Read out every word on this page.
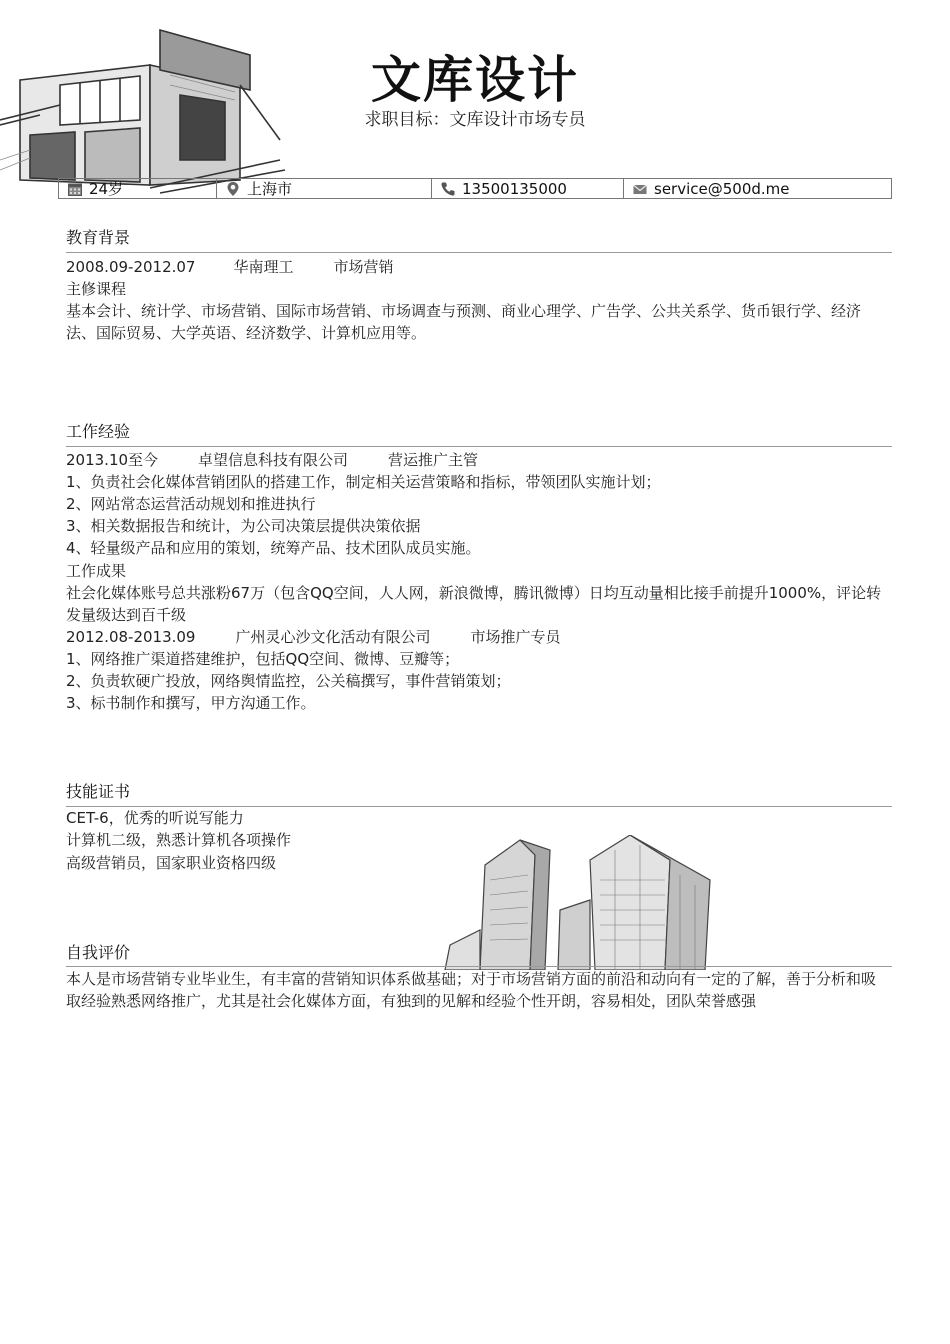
文库设计
求职目标：文库设计市场专员
24岁	上海市	13500135000	service@500d.me
教育背景
2008.09-2012.07	华南理工	市场营销
主修课程
基本会计、统计学、市场营销、国际市场营销、市场调查与预测、商业心理学、广告学、公共关系学、货币银行学、经济法、国际贸易、大学英语、经济数学、计算机应用等。
工作经验
2013.10至今	卓望信息科技有限公司	营运推广主管
1、负责社会化媒体营销团队的搭建工作，制定相关运营策略和指标，带领团队实施计划；
2、网站常态运营活动规划和推进执行
3、相关数据报告和统计，为公司决策层提供决策依据
4、轻量级产品和应用的策划，统筹产品、技术团队成员实施。
工作成果
社会化媒体账号总共涨粉67万（包含QQ空间，人人网，新浪微博，腾讯微博）日均互动量相比接手前提升1000%，评论转发量级达到百千级
2012.08-2013.09	广州灵心沙文化活动有限公司	市场推广专员
1、网络推广渠道搭建维护，包括QQ空间、微博、豆瓣等；
2、负责软硬广投放，网络舆情监控，公关稿撰写，事件营销策划；
3、标书制作和撰写，甲方沟通工作。
技能证书
CET-6，优秀的听说写能力
计算机二级，熟悉计算机各项操作
高级营销员，国家职业资格四级
自我评价
本人是市场营销专业毕业生，有丰富的营销知识体系做基础；对于市场营销方面的前沿和动向有一定的了解，善于分析和吸取经验熟悉网络推广，尤其是社会化媒体方面，有独到的见解和经验个性开朗，容易相处，团队荣誉感强
